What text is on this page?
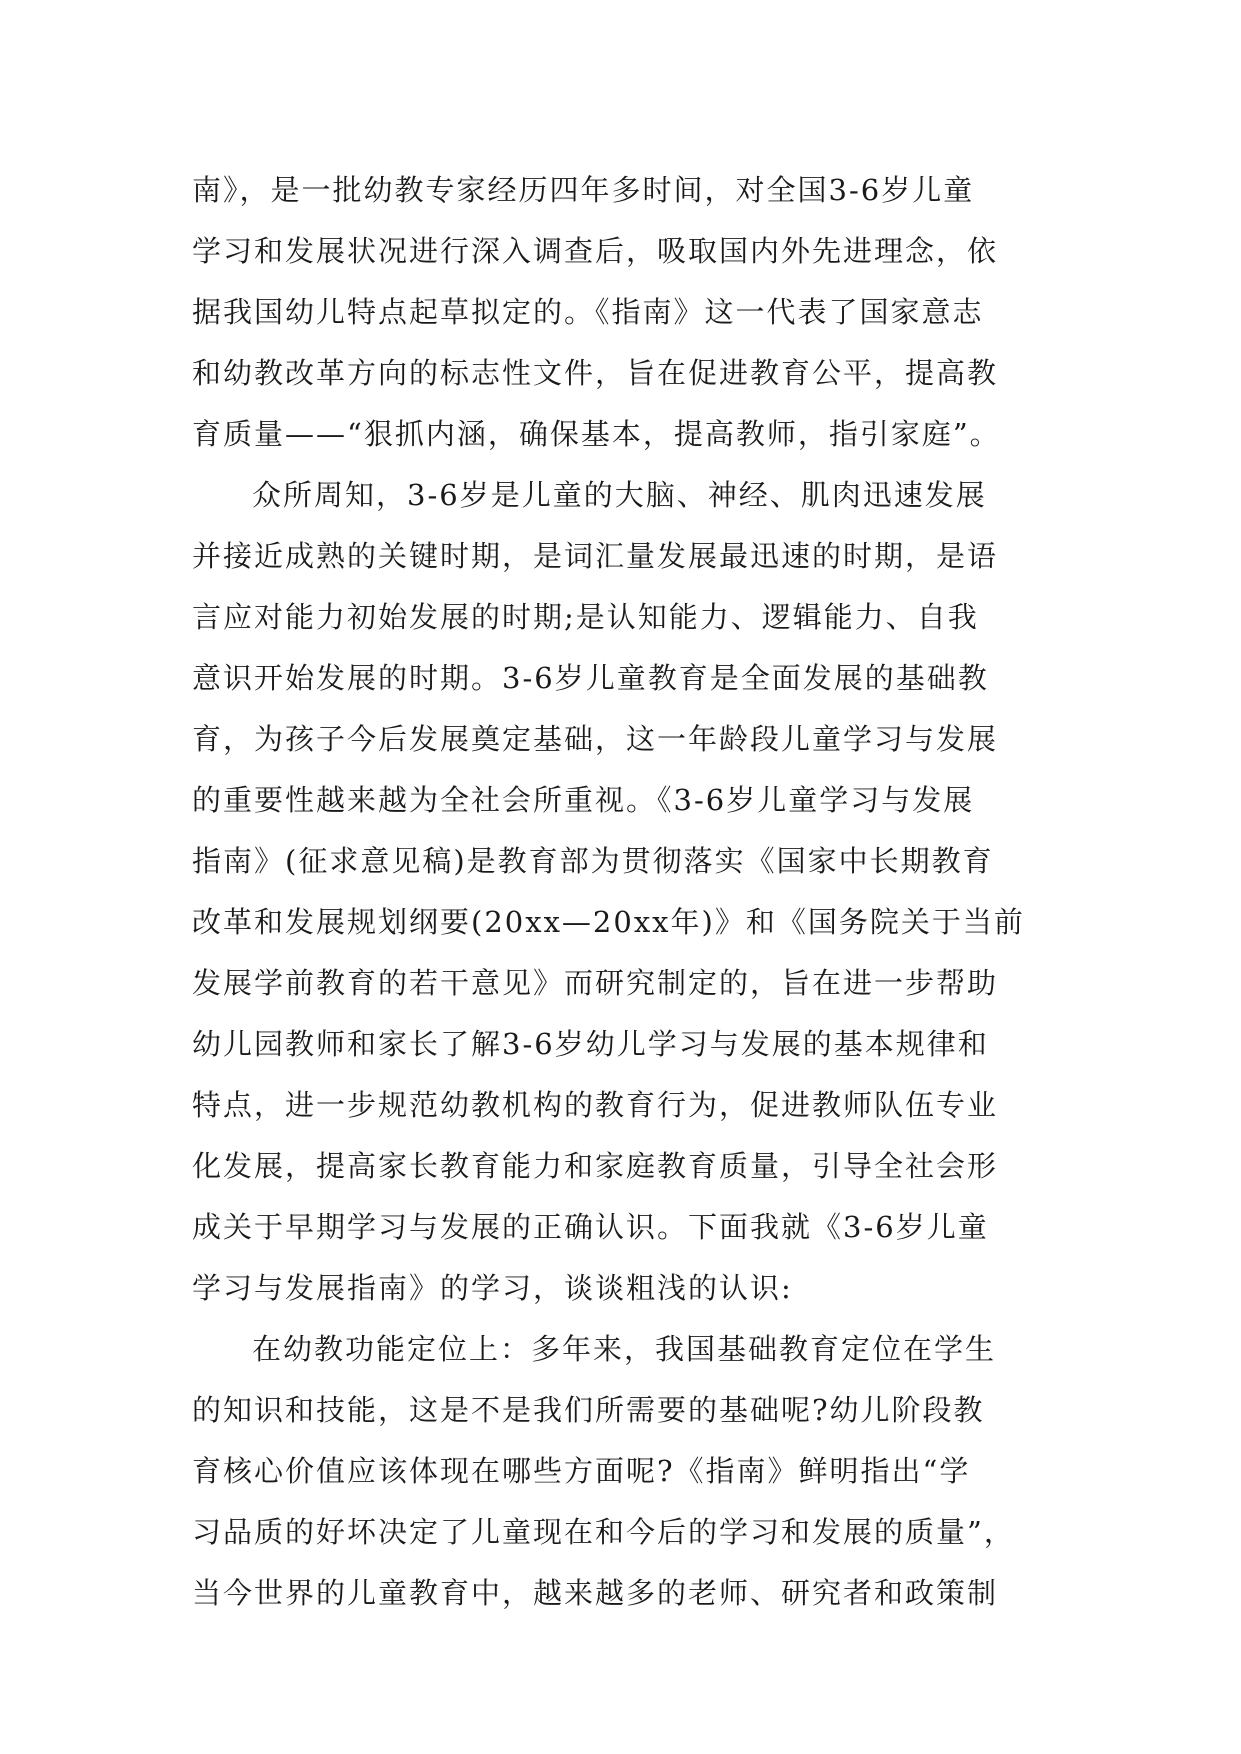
南》，是一批幼教专家经历四年多时间，对全国3-6岁儿童
学习和发展状况进行深入调查后，吸取国内外先进理念，依
据我国幼儿特点起草拟定的。《指南》这一代表了国家意志
和幼教改革方向的标志性文件，旨在促进教育公平，提高教
育质量——“狠抓内涵，确保基本，提高教师，指引家庭”。
众所周知，3-6岁是儿童的大脑、神经、肌肉迅速发展
并接近成熟的关键时期，是词汇量发展最迅速的时期，是语
言应对能力初始发展的时期;是认知能力、逻辑能力、自我
意识开始发展的时期。3-6岁儿童教育是全面发展的基础教
育，为孩子今后发展奠定基础，这一年龄段儿童学习与发展
的重要性越来越为全社会所重视。《3-6岁儿童学习与发展
指南》(征求意见稿)是教育部为贯彻落实《国家中长期教育
改革和发展规划纲要(20xx—20xx年)》和《国务院关于当前
发展学前教育的若干意见》而研究制定的，旨在进一步帮助
幼儿园教师和家长了解3-6岁幼儿学习与发展的基本规律和
特点，进一步规范幼教机构的教育行为，促进教师队伍专业
化发展，提高家长教育能力和家庭教育质量，引导全社会形
成关于早期学习与发展的正确认识。下面我就《3-6岁儿童
学习与发展指南》的学习，谈谈粗浅的认识:
在幼教功能定位上：多年来，我国基础教育定位在学生
的知识和技能，这是不是我们所需要的基础呢?幼儿阶段教
育核心价值应该体现在哪些方面呢?《指南》鲜明指出“学
习品质的好坏决定了儿童现在和今后的学习和发展的质量”，
当今世界的儿童教育中，越来越多的老师、研究者和政策制
